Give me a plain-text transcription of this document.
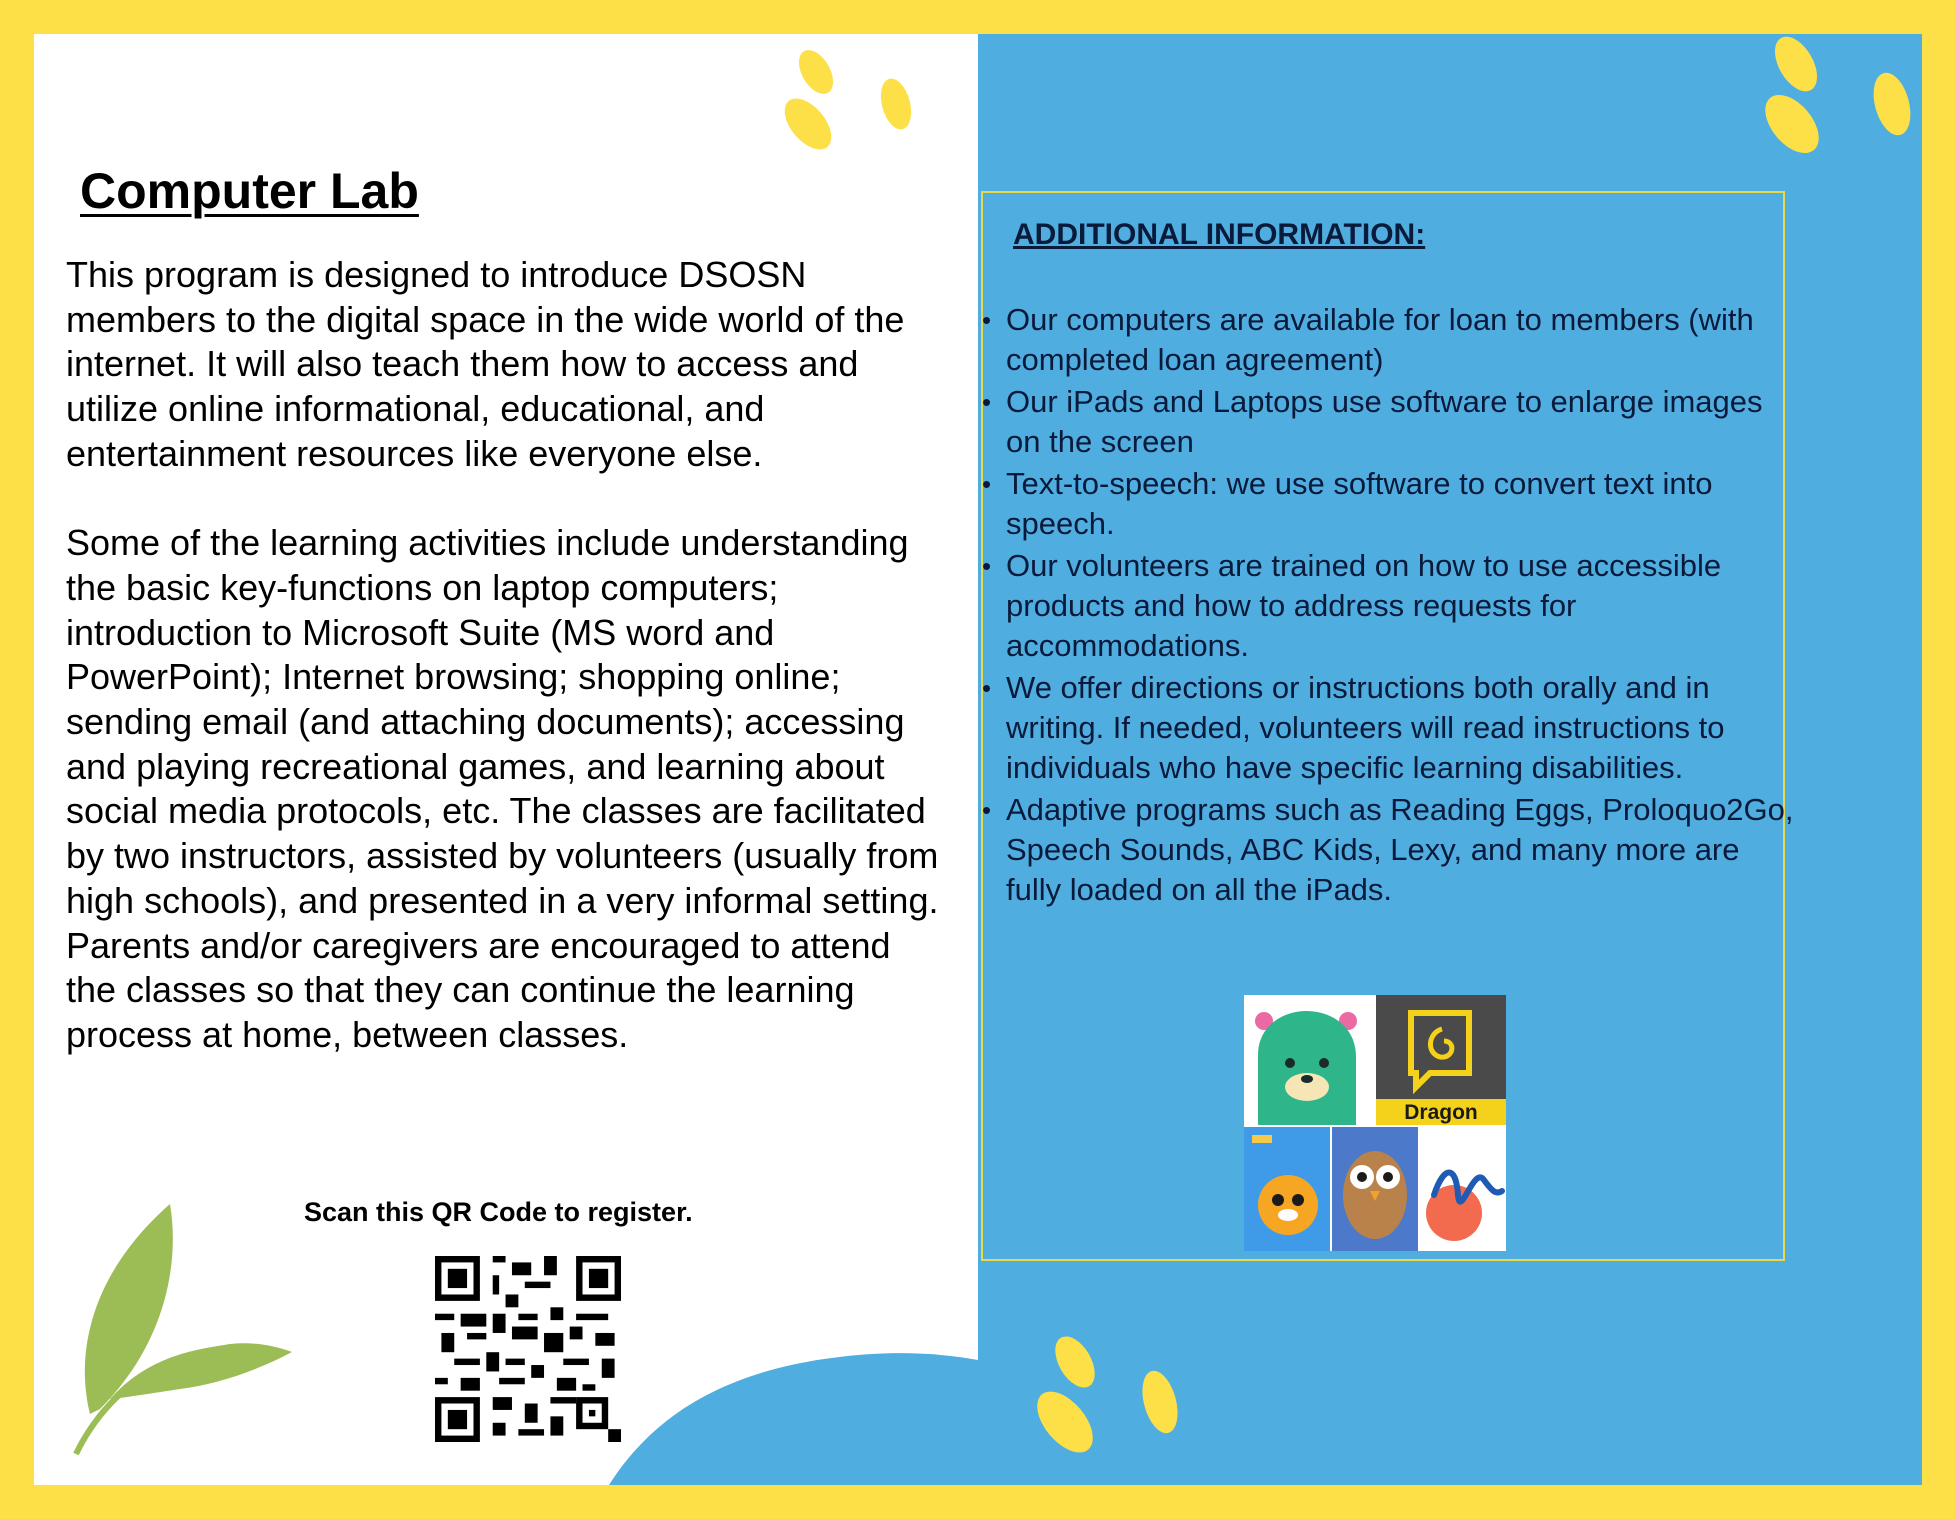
Computer Lab

This program is designed to introduce DSOSN members to the digital space in the wide world of the internet. It will also teach them how to access and utilize online informational, educational, and entertainment resources like everyone else.

Some of the learning activities include understanding the basic key-functions on laptop computers; introduction to Microsoft Suite (MS word and PowerPoint); Internet browsing; shopping online; sending email (and attaching documents); accessing and playing recreational games, and learning about social media protocols, etc. The classes are facilitated by two instructors, assisted by volunteers (usually from high schools), and presented in a very informal setting. Parents and/or caregivers are encouraged to attend the classes so that they can continue the learning process at home, between classes.

Scan this QR Code to register.
ADDITIONAL INFORMATION:
• Our computers are available for loan to members (with completed loan agreement)
• Our iPads and Laptops use software to enlarge images on the screen
• Text-to-speech: we use software to convert text into speech.
• Our volunteers are trained on how to use accessible products and how to address requests for accommodations.
• We offer directions or instructions both orally and in writing. If needed, volunteers will read instructions to individuals who have specific learning disabilities.
• Adaptive programs such as Reading Eggs, Proloquo2Go, Speech Sounds, ABC Kids, Lexy, and many more are fully loaded on all the iPads.
Dragon
